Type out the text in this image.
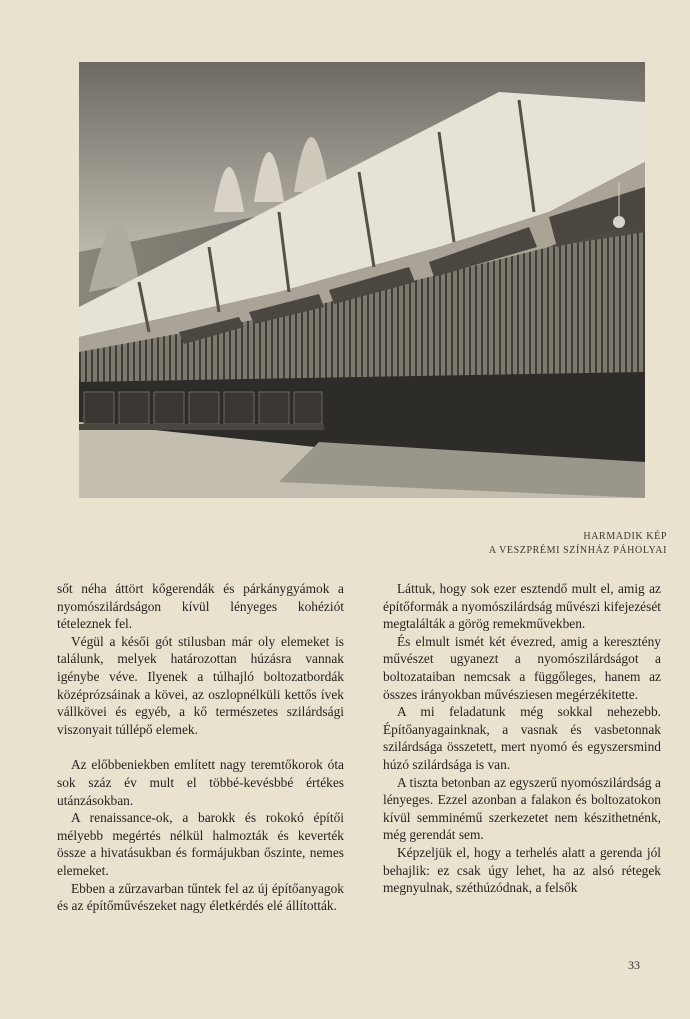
HARMADIK KÉP
A VESZPRÉMI SZÍNHÁZ PÁHOLYAI

sőt néha áttört kőgerendák és párkánygyámok a nyomószilárdságon kívül lényeges kohéziót tételeznek fel.

Végül a késői gót stilusban már oly elemeket is találunk, melyek határozottan húzásra vannak igénybe véve. Ilyenek a túlhajló boltozatbordák középrózsáinak a kövei, az oszlopnélküli kettős ívek vállkövei és egyéb, a kő természetes szilárdsági viszonyait túllépő elemek.

Az előbbeniekben említett nagy teremtőkorok óta sok száz év mult el többé-kevésbbé értékes utánzásokban.

A renaissance-ok, a barokk és rokokó építői mélyebb megértés nélkül halmozták és keverték össze a hivatásukban és formájukban őszinte, nemes elemeket.

Ebben a zűrzavarban tűntek fel az új építőanyagok és az építőművészeket nagy életkérdés elé állították.

Láttuk, hogy sok ezer esztendő mult el, amig az építőformák a nyomószilárdság művészi kifejezését megtalálták a görög remekművekben.

És elmult ismét két évezred, amig a keresztény művészet ugyanezt a nyomószilárdságot a boltozataiban nemcsak a függőleges, hanem az összes irányokban művésziesen megérzékitette.

A mi feladatunk még sokkal nehezebb. Építőanyagainknak, a vasnak és vasbetonnak szilárdsága összetett, mert nyomó és egyszersmind húzó szilárdsága is van.

A tiszta betonban az egyszerű nyomószilárdság a lényeges. Ezzel azonban a falakon és boltozatokon kívül semminémű szerkezetet nem készithetnénk, még gerendát sem.

Képzeljük el, hogy a terhelés alatt a gerenda jól behajlik: ez csak úgy lehet, ha az alsó rétegek megnyulnak, széthúzódnak, a felsők

33
